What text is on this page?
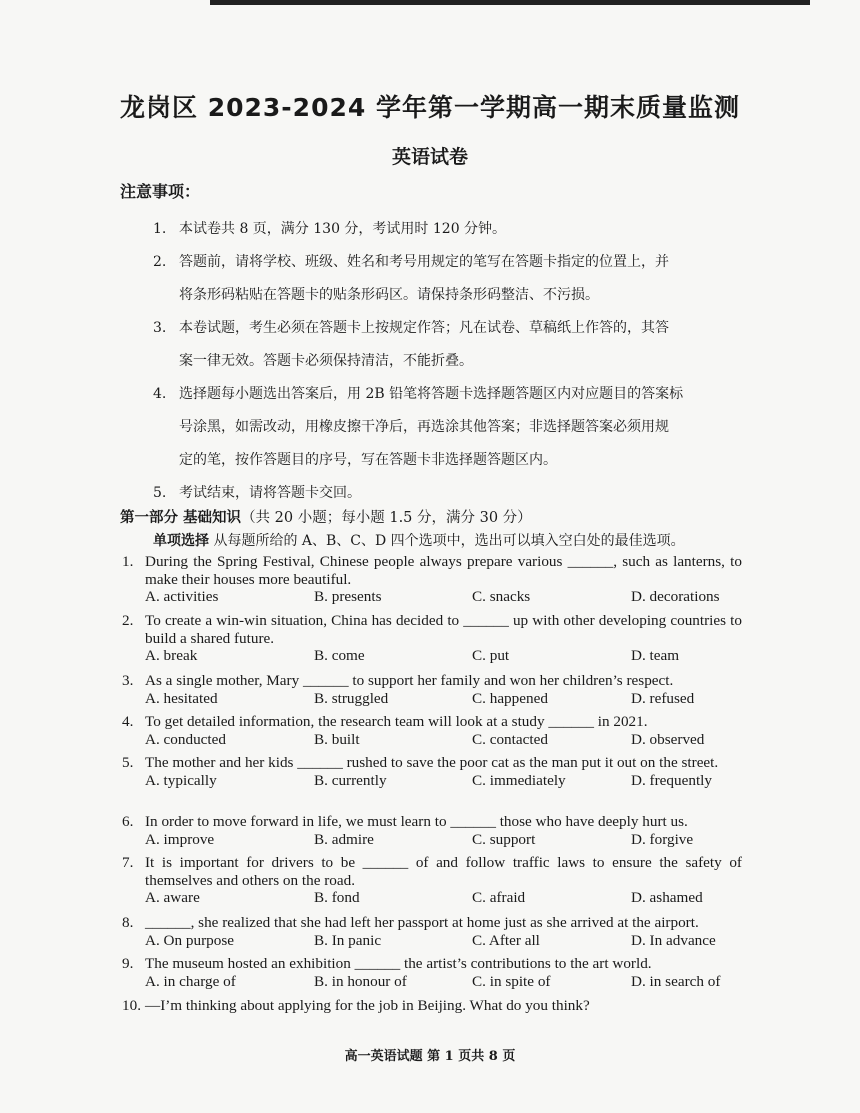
龙岗区 2023-2024 学年第一学期高一期末质量监测
英语试卷
注意事项：
1. 本试卷共 8 页，满分 130 分，考试用时 120 分钟。
2. 答题前，请将学校、班级、姓名和考号用规定的笔写在答题卡指定的位置上，并
将条形码粘贴在答题卡的贴条形码区。请保持条形码整洁、不污损。
3. 本卷试题，考生必须在答题卡上按规定作答；凡在试卷、草稿纸上作答的，其答
案一律无效。答题卡必须保持清洁，不能折叠。
4. 选择题每小题选出答案后，用 2B 铅笔将答题卡选择题答题区内对应题目的答案标
号涂黑，如需改动，用橡皮擦干净后，再选涂其他答案；非选择题答案必须用规
定的笔，按作答题目的序号，写在答题卡非选择题答题区内。
5. 考试结束，请将答题卡交回。
第一部分 基础知识（共 20 小题；每小题 1.5 分，满分 30 分）
单项选择 从每题所给的 A、B、C、D 四个选项中，选出可以填入空白处的最佳选项。
1. During the Spring Festival, Chinese people always prepare various ______, such as lanterns, to make their houses more beautiful.
A. activities	B. presents	C. snacks	D. decorations
2. To create a win-win situation, China has decided to ______ up with other developing countries to build a shared future.
A. break	B. come	C. put	D. team
3. As a single mother, Mary ______ to support her family and won her children’s respect.
A. hesitated	B. struggled	C. happened	D. refused
4. To get detailed information, the research team will look at a study ______ in 2021.
A. conducted	B. built	C. contacted	D. observed
5. The mother and her kids ______ rushed to save the poor cat as the man put it out on the street.
A. typically	B. currently	C. immediately	D. frequently
6. In order to move forward in life, we must learn to ______ those who have deeply hurt us.
A. improve	B. admire	C. support	D. forgive
7. It is important for drivers to be ______ of and follow traffic laws to ensure the safety of themselves and others on the road.
A. aware	B. fond	C. afraid	D. ashamed
8. ______, she realized that she had left her passport at home just as she arrived at the airport.
A. On purpose	B. In panic	C. After all	D. In advance
9. The museum hosted an exhibition ______ the artist’s contributions to the art world.
A. in charge of	B. in honour of	C. in spite of	D. in search of
10. —I’m thinking about applying for the job in Beijing. What do you think?
高一英语试题 第 1 页共 8 页
